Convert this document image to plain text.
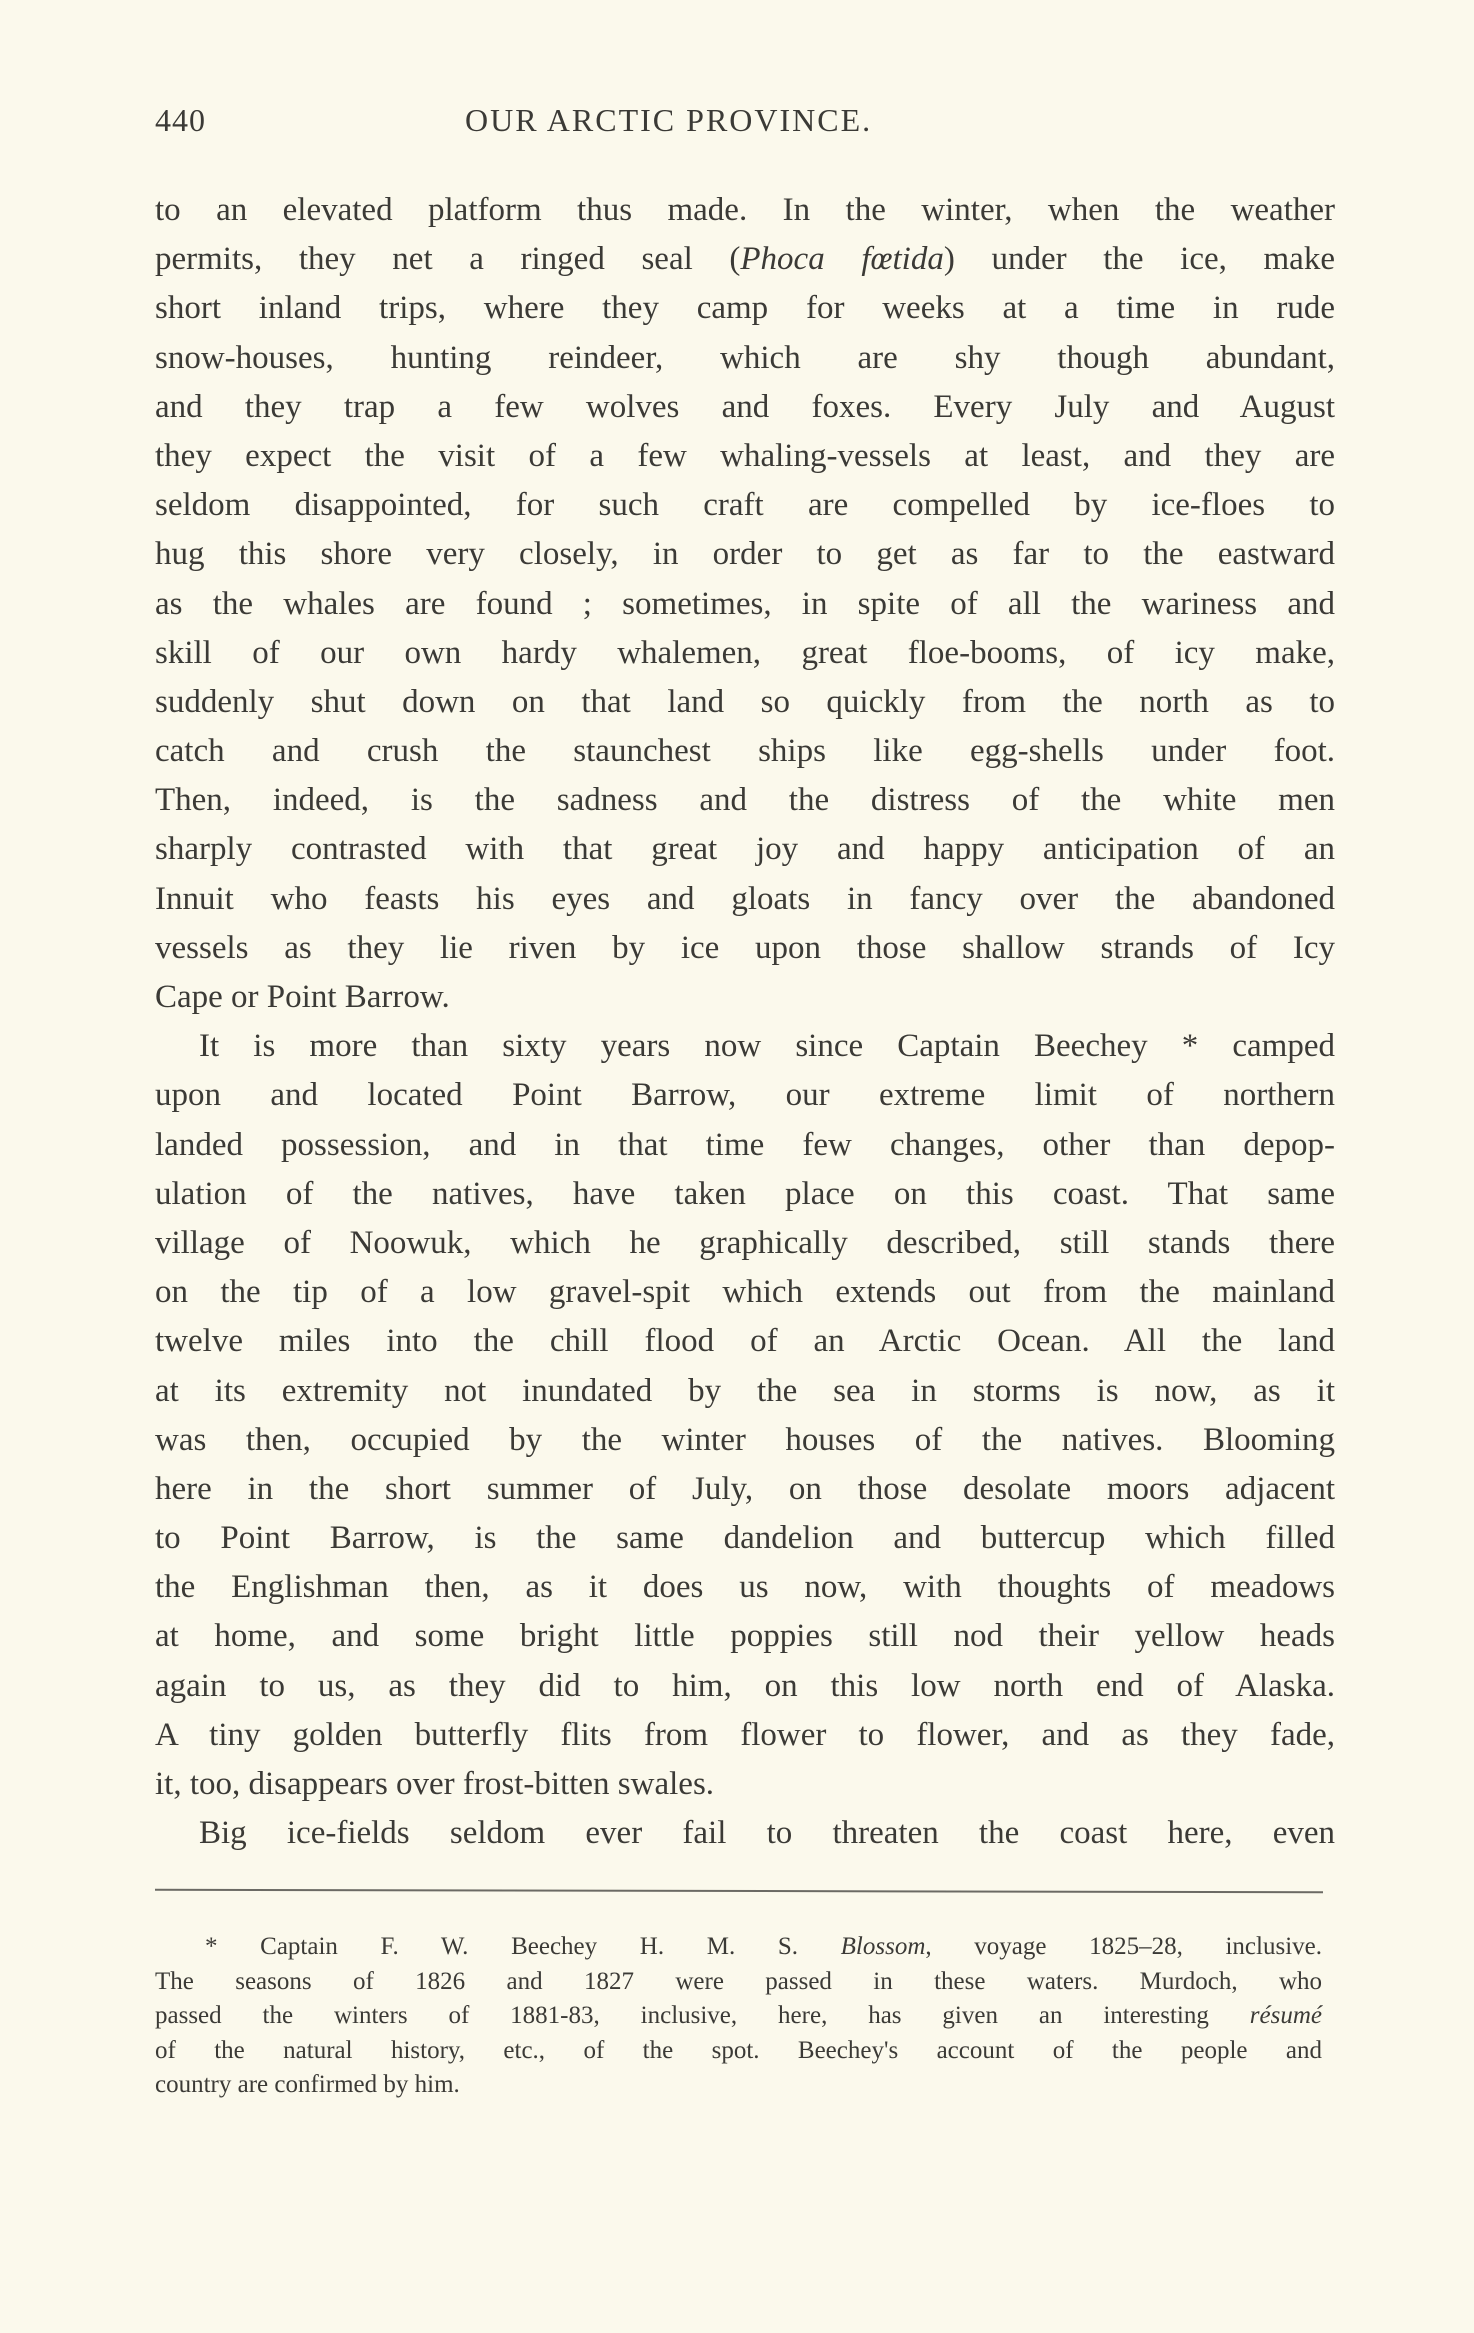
440	OUR ARCTIC PROVINCE.
to an elevated platform thus made. In the winter, when the weather
permits, they net a ringed seal (Phoca fœtida) under the ice, make
short inland trips, where they camp for weeks at a time in rude
snow-houses, hunting reindeer, which are shy though abundant,
and they trap a few wolves and foxes. Every July and August
they expect the visit of a few whaling-vessels at least, and they are
seldom disappointed, for such craft are compelled by ice-floes to
hug this shore very closely, in order to get as far to the eastward
as the whales are found ; sometimes, in spite of all the wariness and
skill of our own hardy whalemen, great floe-booms, of icy make,
suddenly shut down on that land so quickly from the north as to
catch and crush the staunchest ships like egg-shells under foot.
Then, indeed, is the sadness and the distress of the white men
sharply contrasted with that great joy and happy anticipation of an
Innuit who feasts his eyes and gloats in fancy over the abandoned
vessels as they lie riven by ice upon those shallow strands of Icy
Cape or Point Barrow.
It is more than sixty years now since Captain Beechey * camped
upon and located Point Barrow, our extreme limit of northern
landed possession, and in that time few changes, other than depop-
ulation of the natives, have taken place on this coast. That same
village of Noowuk, which he graphically described, still stands there
on the tip of a low gravel-spit which extends out from the mainland
twelve miles into the chill flood of an Arctic Ocean. All the land
at its extremity not inundated by the sea in storms is now, as it
was then, occupied by the winter houses of the natives. Blooming
here in the short summer of July, on those desolate moors adjacent
to Point Barrow, is the same dandelion and buttercup which filled
the Englishman then, as it does us now, with thoughts of meadows
at home, and some bright little poppies still nod their yellow heads
again to us, as they did to him, on this low north end of Alaska.
A tiny golden butterfly flits from flower to flower, and as they fade,
it, too, disappears over frost-bitten swales.
Big ice-fields seldom ever fail to threaten the coast here, even
* Captain F. W. Beechey H. M. S. Blossom, voyage 1825–28, inclusive.
The seasons of 1826 and 1827 were passed in these waters. Murdoch, who
passed the winters of 1881-83, inclusive, here, has given an interesting résumé
of the natural history, etc., of the spot. Beechey's account of the people and
country are confirmed by him.
